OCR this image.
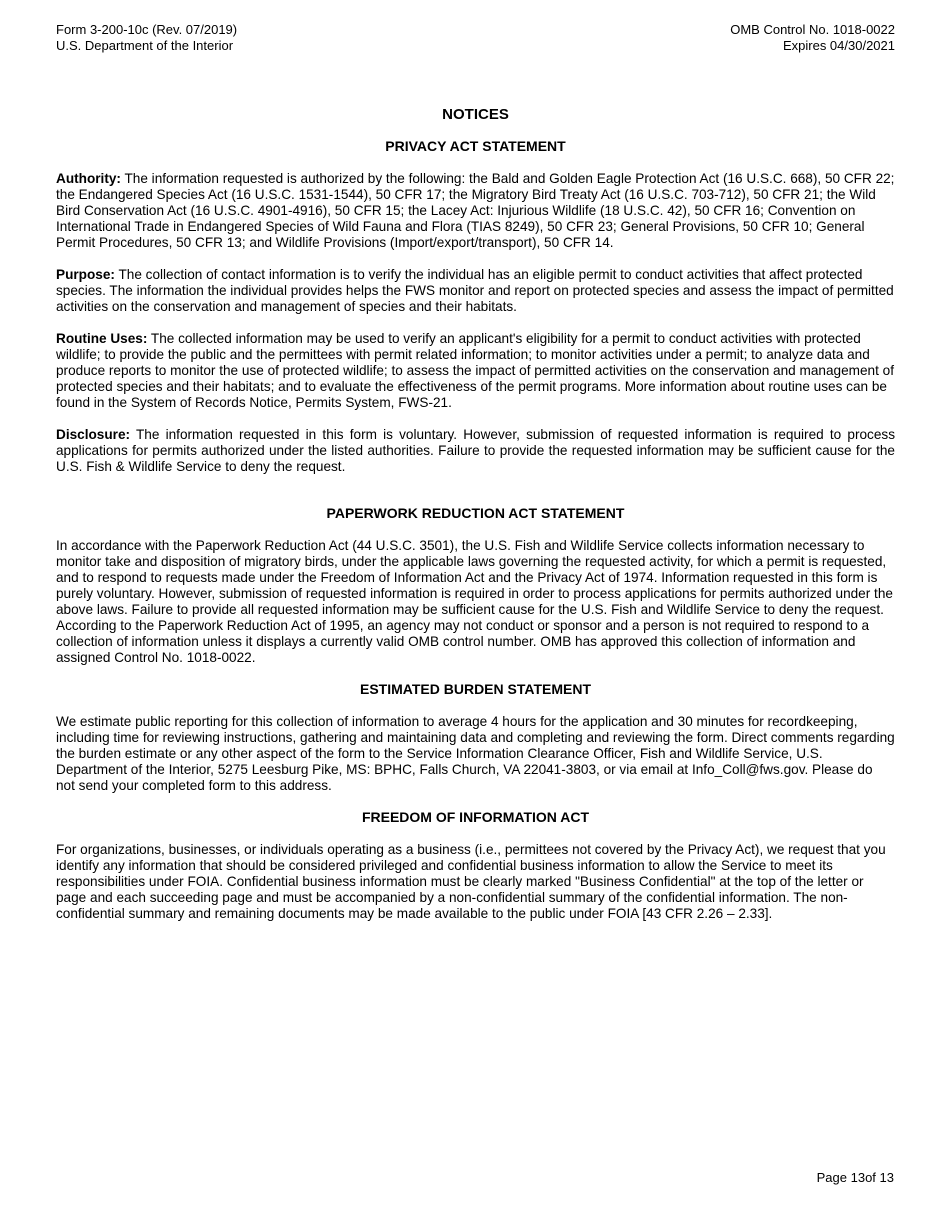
Form 3-200-10c (Rev. 07/2019)
U.S. Department of the Interior
OMB Control No. 1018-0022
Expires 04/30/2021
NOTICES
PRIVACY ACT STATEMENT

Authority: The information requested is authorized by the following: the Bald and Golden Eagle Protection Act (16 U.S.C. 668), 50 CFR 22; the Endangered Species Act (16 U.S.C. 1531-1544), 50 CFR 17; the Migratory Bird Treaty Act (16 U.S.C. 703-712), 50 CFR 21; the Wild Bird Conservation Act (16 U.S.C. 4901-4916), 50 CFR 15; the Lacey Act: Injurious Wildlife (18 U.S.C. 42), 50 CFR 16; Convention on International Trade in Endangered Species of Wild Fauna and Flora (TIAS 8249), 50 CFR 23; General Provisions, 50 CFR 10; General Permit Procedures, 50 CFR 13; and Wildlife Provisions (Import/export/transport), 50 CFR 14.

Purpose: The collection of contact information is to verify the individual has an eligible permit to conduct activities that affect protected species. The information the individual provides helps the FWS monitor and report on protected species and assess the impact of permitted activities on the conservation and management of species and their habitats.

Routine Uses: The collected information may be used to verify an applicant's eligibility for a permit to conduct activities with protected wildlife; to provide the public and the permittees with permit related information; to monitor activities under a permit; to analyze data and produce reports to monitor the use of protected wildlife; to assess the impact of permitted activities on the conservation and management of protected species and their habitats; and to evaluate the effectiveness of the permit programs. More information about routine uses can be found in the System of Records Notice, Permits System, FWS-21.

Disclosure: The information requested in this form is voluntary. However, submission of requested information is required to process applications for permits authorized under the listed authorities. Failure to provide the requested information may be sufficient cause for the U.S. Fish & Wildlife Service to deny the request.

PAPERWORK REDUCTION ACT STATEMENT

In accordance with the Paperwork Reduction Act (44 U.S.C. 3501), the U.S. Fish and Wildlife Service collects information necessary to monitor take and disposition of migratory birds, under the applicable laws governing the requested activity, for which a permit is requested, and to respond to requests made under the Freedom of Information Act and the Privacy Act of 1974. Information requested in this form is purely voluntary. However, submission of requested information is required in order to process applications for permits authorized under the above laws. Failure to provide all requested information may be sufficient cause for the U.S. Fish and Wildlife Service to deny the request. According to the Paperwork Reduction Act of 1995, an agency may not conduct or sponsor and a person is not required to respond to a collection of information unless it displays a currently valid OMB control number. OMB has approved this collection of information and assigned Control No. 1018-0022.

ESTIMATED BURDEN STATEMENT

We estimate public reporting for this collection of information to average 4 hours for the application and 30 minutes for recordkeeping, including time for reviewing instructions, gathering and maintaining data and completing and reviewing the form. Direct comments regarding the burden estimate or any other aspect of the form to the Service Information Clearance Officer, Fish and Wildlife Service, U.S. Department of the Interior, 5275 Leesburg Pike, MS: BPHC, Falls Church, VA 22041-3803, or via email at Info_Coll@fws.gov. Please do not send your completed form to this address.

FREEDOM OF INFORMATION ACT

For organizations, businesses, or individuals operating as a business (i.e., permittees not covered by the Privacy Act), we request that you identify any information that should be considered privileged and confidential business information to allow the Service to meet its responsibilities under FOIA. Confidential business information must be clearly marked "Business Confidential" at the top of the letter or page and each succeeding page and must be accompanied by a non-confidential summary of the confidential information. The non-confidential summary and remaining documents may be made available to the public under FOIA [43 CFR 2.26 – 2.33].

Page 13of 13
